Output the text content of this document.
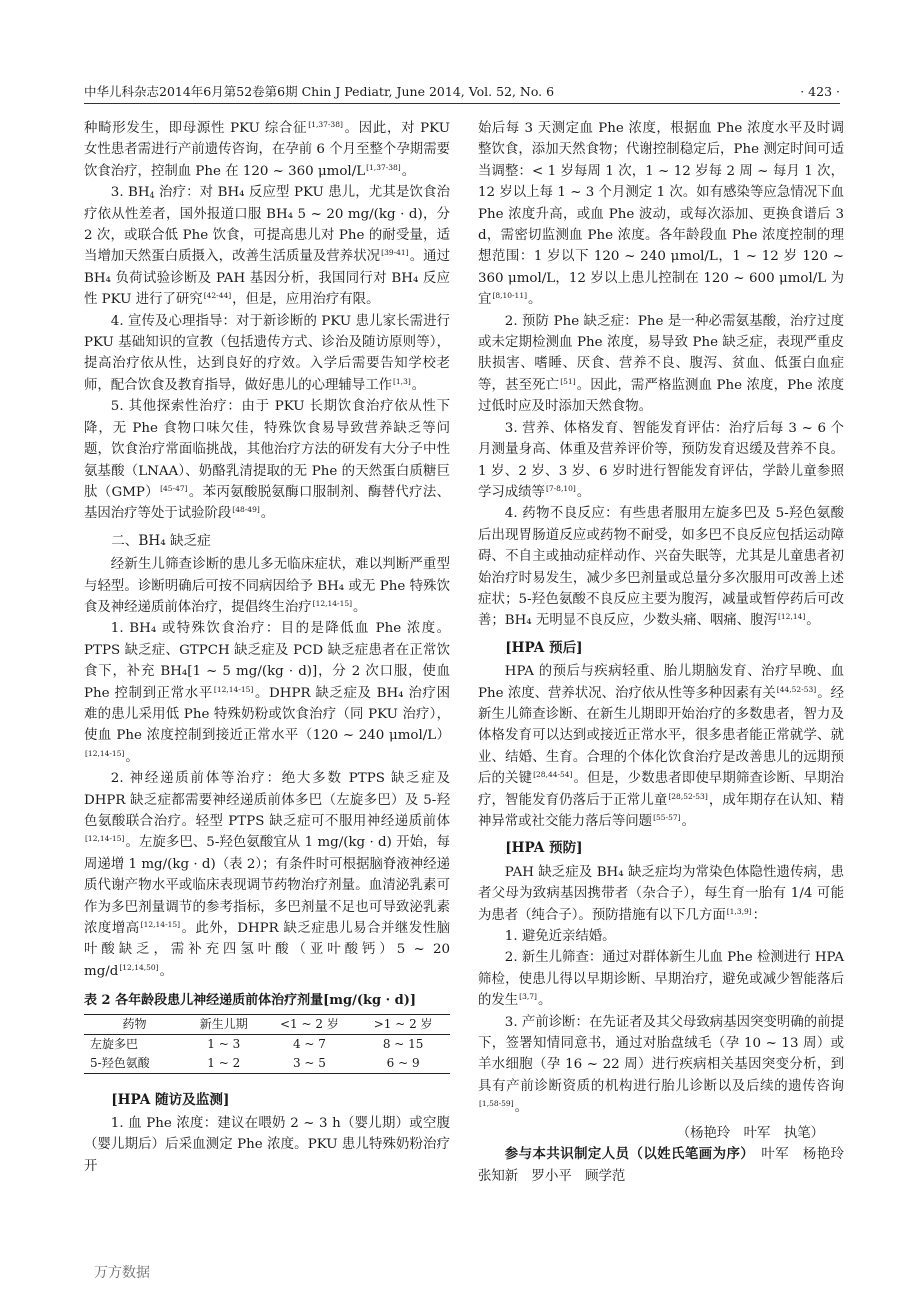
中华儿科杂志2014年6月第52卷第6期 Chin J Pediatr, June 2014, Vol. 52, No. 6	· 423 ·

种畸形发生，即母源性 PKU 综合征[1,37-38]。因此，对 PKU 女性患者需进行产前遗传咨询，在孕前 6 个月至整个孕期需要饮食治疗，控制血 Phe 在 120 ~ 360 μmol/L[1,37-38]。

3. $BH_4$ 治疗：对 BH₄ 反应型 PKU 患儿，尤其是饮食治疗依从性差者，国外报道口服 BH₄ 5 ~ 20 mg/(kg · d)，分 2 次，或联合低 Phe 饮食，可提高患儿对 Phe 的耐受量，适当增加天然蛋白质摄入，改善生活质量及营养状况[39-41]。通过 BH₄ 负荷试验诊断及 PAH 基因分析，我国同行对 BH₄ 反应性 PKU 进行了研究[42-44]，但是，应用治疗有限。

4. 宣传及心理指导：对于新诊断的 PKU 患儿家长需进行 PKU 基础知识的宣教（包括遗传方式、诊治及随访原则等），提高治疗依从性，达到良好的疗效。入学后需要告知学校老师，配合饮食及教育指导，做好患儿的心理辅导工作[1,3]。

5. 其他探索性治疗：由于 PKU 长期饮食治疗依从性下降，无 Phe 食物口味欠佳，特殊饮食易导致营养缺乏等问题，饮食治疗常面临挑战，其他治疗方法的研发有大分子中性氨基酸（LNAA）、奶酪乳清提取的无 Phe 的天然蛋白质糖巨肽（GMP）[45-47]。苯丙氨酸脱氨酶口服制剂、酶替代疗法、基因治疗等处于试验阶段[48-49]。

二、BH₄ 缺乏症

经新生儿筛查诊断的患儿多无临床症状，难以判断严重型与轻型。诊断明确后可按不同病因给予 BH₄ 或无 Phe 特殊饮食及神经递质前体治疗，提倡终生治疗[12,14-15]。

1. BH₄ 或特殊饮食治疗：目的是降低血 Phe 浓度。PTPS 缺乏症、GTPCH 缺乏症及 PCD 缺乏症患者在正常饮食下，补充 BH₄[1 ~ 5 mg/(kg · d)]，分 2 次口服，使血 Phe 控制到正常水平[12,14-15]。DHPR 缺乏症及 BH₄ 治疗困难的患儿采用低 Phe 特殊奶粉或饮食治疗（同 PKU 治疗），使血 Phe 浓度控制到接近正常水平（120 ~ 240 μmol/L）[12,14-15]。

2. 神经递质前体等治疗：绝大多数 PTPS 缺乏症及 DHPR 缺乏症都需要神经递质前体多巴（左旋多巴）及 5-羟色氨酸联合治疗。轻型 PTPS 缺乏症可不服用神经递质前体[12,14-15]。左旋多巴、5-羟色氨酸宜从 1 mg/(kg · d) 开始，每周递增 1 mg/(kg · d)（表 2）；有条件时可根据脑脊液神经递质代谢产物水平或临床表现调节药物治疗剂量。血清泌乳素可作为多巴剂量调节的参考指标，多巴剂量不足也可导致泌乳素浓度增高[12,14-15]。此外，DHPR 缺乏症患儿易合并继发性脑叶酸缺乏，需补充四氢叶酸（亚叶酸钙）5 ~ 20 mg/d[12,14,50]。

表 2 各年龄段患儿神经递质前体治疗剂量[mg/(kg · d)]
药物	新生儿期	<1 ~ 2 岁	>1 ~ 2 岁
左旋多巴	1 ~ 3	4 ~ 7	8 ~ 15
5-羟色氨酸	1 ~ 2	3 ~ 5	6 ~ 9
[HPA 随访及监测]

1. 血 Phe 浓度：建议在喂奶 2 ~ 3 h（婴儿期）或空腹（婴儿期后）后采血测定 Phe 浓度。PKU 患儿特殊奶粉治疗开

始后每 3 天测定血 Phe 浓度，根据血 Phe 浓度水平及时调整饮食，添加天然食物；代谢控制稳定后，Phe 测定时间可适当调整：< 1 岁每周 1 次，1 ~ 12 岁每 2 周 ~ 每月 1 次，12 岁以上每 1 ~ 3 个月测定 1 次。如有感染等应急情况下血 Phe 浓度升高，或血 Phe 波动，或每次添加、更换食谱后 3 d，需密切监测血 Phe 浓度。各年龄段血 Phe 浓度控制的理想范围：1 岁以下 120 ~ 240 μmol/L，1 ~ 12 岁 120 ~ 360 μmol/L，12 岁以上患儿控制在 120 ~ 600 μmol/L 为宜[8,10-11]。

2. 预防 Phe 缺乏症：Phe 是一种必需氨基酸，治疗过度或未定期检测血 Phe 浓度，易导致 Phe 缺乏症，表现严重皮肤损害、嗜睡、厌食、营养不良、腹泻、贫血、低蛋白血症等，甚至死亡[51]。因此，需严格监测血 Phe 浓度，Phe 浓度过低时应及时添加天然食物。

3. 营养、体格发育、智能发育评估：治疗后每 3 ~ 6 个月测量身高、体重及营养评价等，预防发育迟缓及营养不良。1 岁、2 岁、3 岁、6 岁时进行智能发育评估，学龄儿童参照学习成绩等[7-8,10]。

4. 药物不良反应：有些患者服用左旋多巴及 5-羟色氨酸后出现胃肠道反应或药物不耐受，如多巴不良反应包括运动障碍、不自主或抽动症样动作、兴奋失眠等，尤其是儿童患者初始治疗时易发生，减少多巴剂量或总量分多次服用可改善上述症状；5-羟色氨酸不良反应主要为腹泻，减量或暂停药后可改善；BH₄ 无明显不良反应，少数头痛、咽痛、腹泻[12,14]。

[HPA 预后]

HPA 的预后与疾病轻重、胎儿期脑发育、治疗早晚、血 Phe 浓度、营养状况、治疗依从性等多种因素有关[44,52-53]。经新生儿筛查诊断、在新生儿期即开始治疗的多数患者，智力及体格发育可以达到或接近正常水平，很多患者能正常就学、就业、结婚、生育。合理的个体化饮食治疗是改善患儿的远期预后的关键[28,44-54]。但是，少数患者即使早期筛查诊断、早期治疗，智能发育仍落后于正常儿童[28,52-53]，成年期存在认知、精神异常或社交能力落后等问题[55-57]。

[HPA 预防]

PAH 缺乏症及 BH₄ 缺乏症均为常染色体隐性遗传病，患者父母为致病基因携带者（杂合子），每生育一胎有 1/4 可能为患者（纯合子）。预防措施有以下几方面[1,3,9]：

1. 避免近亲结婚。

2. 新生儿筛查：通过对群体新生儿血 Phe 检测进行 HPA 筛检，使患儿得以早期诊断、早期治疗，避免或减少智能落后的发生[3,7]。

3. 产前诊断：在先证者及其父母致病基因突变明确的前提下，签署知情同意书，通过对胎盘绒毛（孕 10 ~ 13 周）或羊水细胞（孕 16 ~ 22 周）进行疾病相关基因突变分析，到具有产前诊断资质的机构进行胎儿诊断以及后续的遗传咨询[1,58-59]。

（杨艳玲　叶军　执笔）

参与本共识制定人员（以姓氏笔画为序）　 叶军　杨艳玲　张知新　罗小平　顾学范

万方数据
